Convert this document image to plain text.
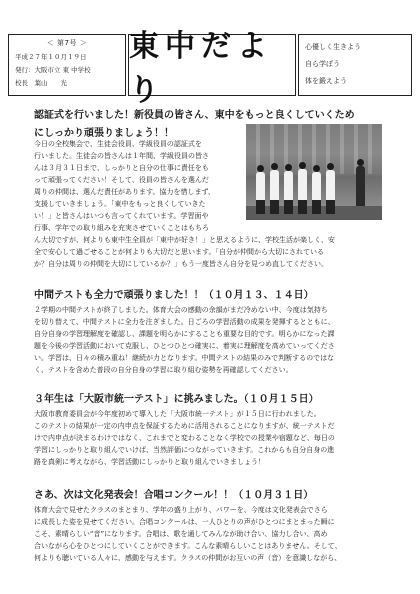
＜ 第7号 ＞
平成２７年１０月１９日
発行：大阪市立 東 中学校
校長　葉山　　光
東中だより
心優しく生きよう
自ら学ぼう
体を鍛えよう
認証式を行いました！新役員の皆さん、東中をもっと良くしていくため
にしっかり頑張りましょう！！
今日の全校集会で、生徒会役員、学級役員の認証式を
行いました。生徒会の皆さんは１年間、学級役員の皆さ
んは３月３１日まで、しっかりと自分の仕事に責任をも
って頑張ってください！そして、役員の皆さんを選んだ
周りの仲間は、選んだ責任があります。協力を惜しまず、
支援していきましょう。「東中をもっと良くしていきた
い！」と皆さんはいつも言ってくれています。学習面や
行事、学年での取り組みを充実させていくことはもちろ
ん大切ですが、何よりも東中生全員が「東中が好き！」と思えるように、学校生活が楽しく、安
全で安心して過ごせることが何よりも大切だと思います。「自分が仲間から大切にされている
か？自分は周りの仲間を大切にしているか？」もう一度皆さん自分を見つめ直してください。
中間テストも全力で頑張りました！！（１０月１３、１４日）
２学期の中間テストが終了しました。体育大会の感動の余韻がまだ冷めない中、今度は気持ち
を切り替えて、中間テストに全力を注ぎました。日ごろの学習活動の成果を発揮するとともに、
自分自身の学習理解度を確認し、課題を明らかにすることも重要な目的です。明らかになった課
題を今後の学習活動において克服し、ひとつひとつ確実に、着実に理解度を高めていってくださ
い。学習は、日々の積み重ね！継続が力となります。中間テストの結果のみで判断するのではな
く、テストを含めた普段の自分自身の学習に取り組む姿勢を再確認してください。
３年生は「大阪市統一テスト」に挑みました。（１０月１５日）
大阪市教育委員会が今年度初めて導入した「大阪市統一テスト」が１５日に行われました。
このテストの結果が一定の内申点を保証するために活用されることになりますが、統一テストだ
けで内申点が決まるわけではなく、これまでと変わることなく学校での授業や宿題など、毎日の
学習にしっかりと取り組んでいけば、当然評価につながっていきます。これからも自分自身の進
路を真剣に考えながら、学習活動にしっかりと取り組んでいきましょう！
さあ、次は文化発表会！合唱コンクール！！（１０月３１日）
体育大会で見せたクラスのまとまり、学年の盛り上がり、パワーを、今度は文化発表会でさら
に成長した姿を見せてください。合唱コンクールは、一人ひとりの声がひとつにまとまった瞬に
こそ、素晴らしい“音”になります。合唱は、歌を通してみんなが助け合い、協力し合い、高め
合いながら心をひとつにしていくことができます。こんな素晴らしいことはありません。そして、
何よりも聴いている人々に、感動を与えます。クラスの仲間がお互いの声（音）を意識しながら、
